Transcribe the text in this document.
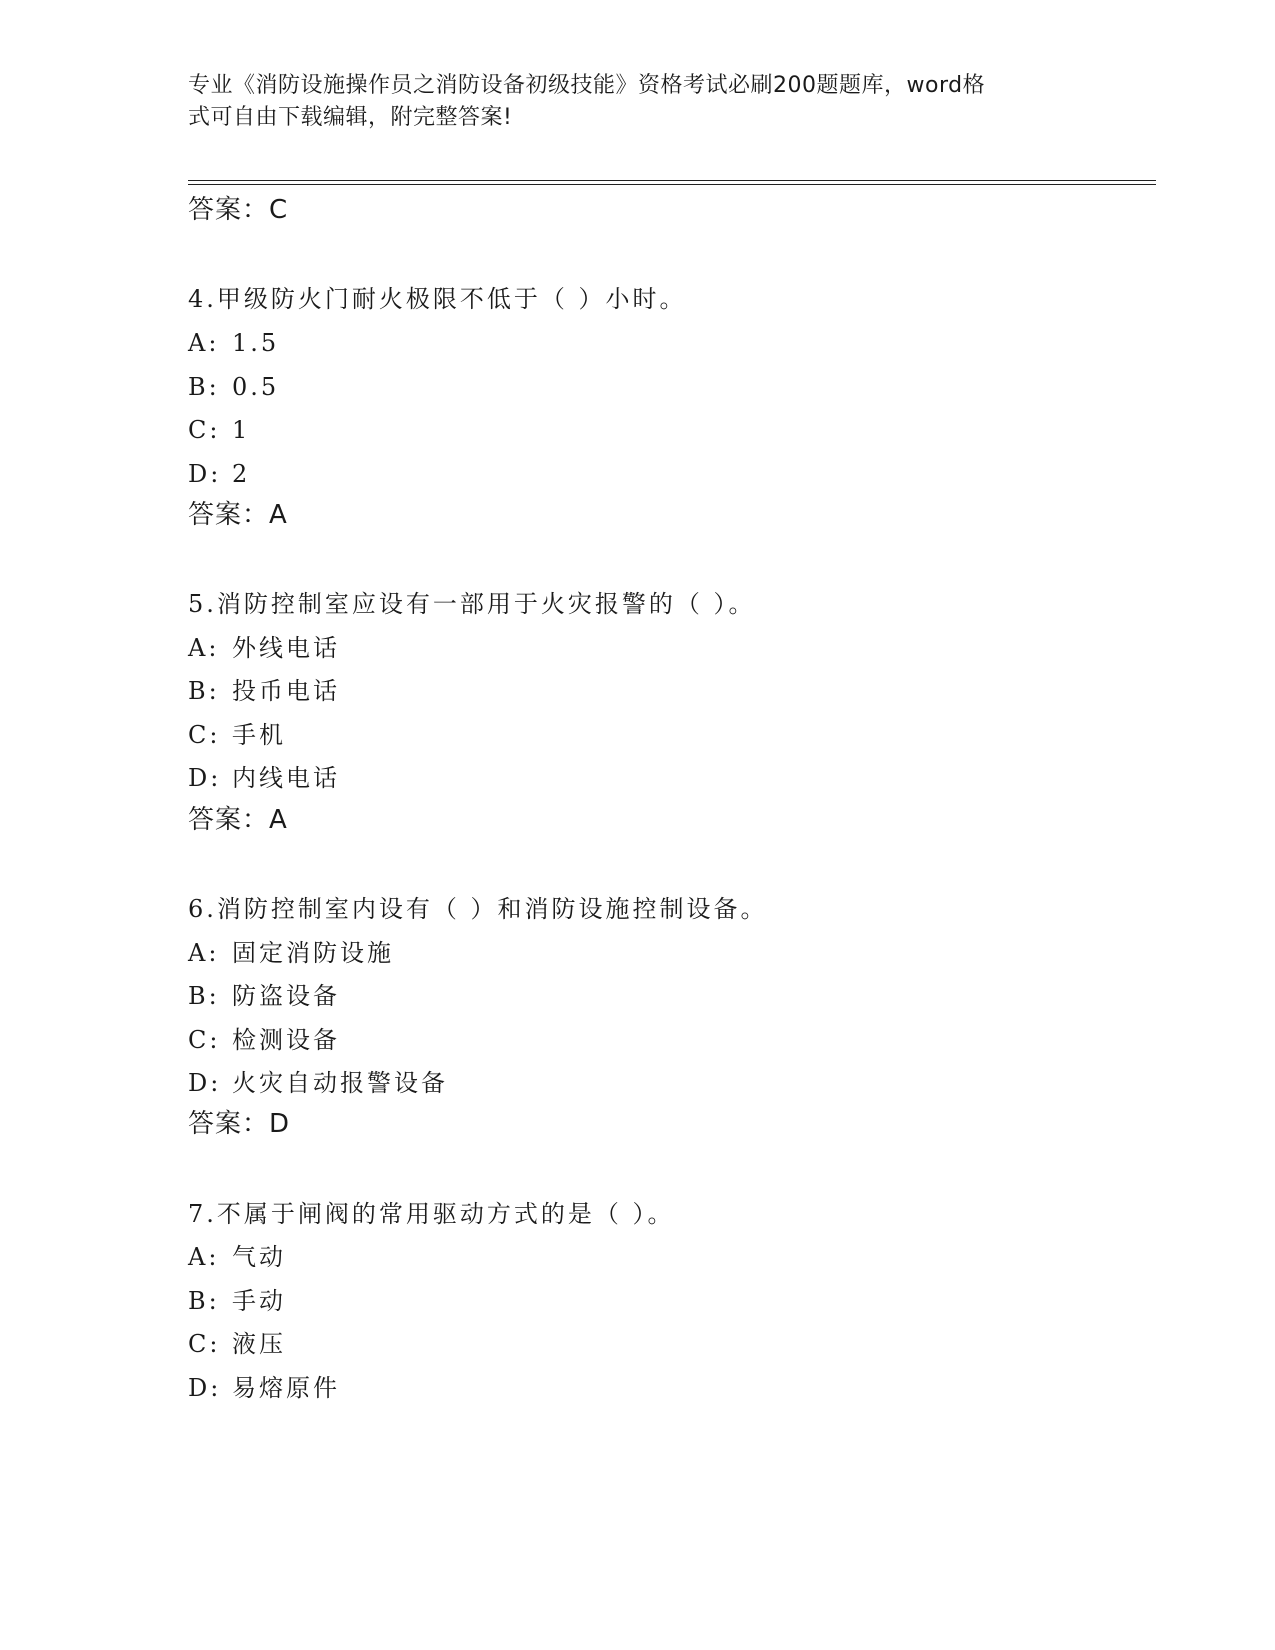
专业《消防设施操作员之消防设备初级技能》资格考试必刷200题题库，word格
式可自由下载编辑，附完整答案!
答案：C
4.甲级防火门耐火极限不低于（ ）小时。
A: 1.5
B: 0.5
C: 1
D: 2
答案：A
5.消防控制室应设有一部用于火灾报警的（ ）。
A: 外线电话
B: 投币电话
C: 手机
D: 内线电话
答案：A
6.消防控制室内设有（ ）和消防设施控制设备。
A: 固定消防设施
B: 防盗设备
C: 检测设备
D: 火灾自动报警设备
答案：D
7.不属于闸阀的常用驱动方式的是（ ）。
A: 气动
B: 手动
C: 液压
D: 易熔原件
